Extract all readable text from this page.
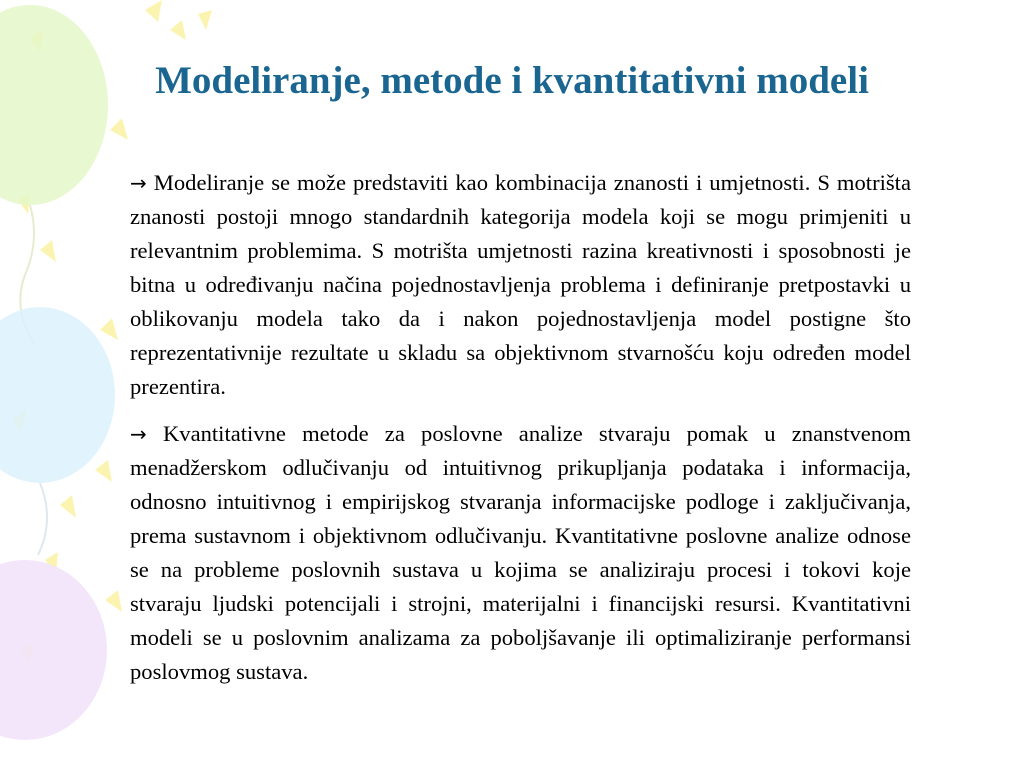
Modeliranje, metode i kvantitativni modeli

→ Modeliranje se može predstaviti kao kombinacija znanosti i umjetnosti. S motrišta znanosti postoji mnogo standardnih kategorija modela koji se mogu primjeniti u relevantnim problemima. S motrišta umjetnosti razina kreativnosti i sposobnosti je bitna u određivanju načina pojednostavljenja problema i definiranje pretpostavki u oblikovanju modela tako da i nakon pojednostavljenja model postigne što reprezentativnije rezultate u skladu sa objektivnom stvarnošću koju određen model prezentira.

→ Kvantitativne metode za poslovne analize stvaraju pomak u znanstvenom menadžerskom odlučivanju od intuitivnog prikupljanja podataka i informacija, odnosno intuitivnog i empirijskog stvaranja informacijske podloge i zaključivanja, prema sustavnom i objektivnom odlučivanju. Kvantitativne poslovne analize odnose se na probleme poslovnih sustava u kojima se analiziraju procesi i tokovi koje stvaraju ljudski potencijali i strojni, materijalni i financijski resursi. Kvantitativni modeli se u poslovnim analizama za poboljšavanje ili optimaliziranje performansi poslovmog sustava.
